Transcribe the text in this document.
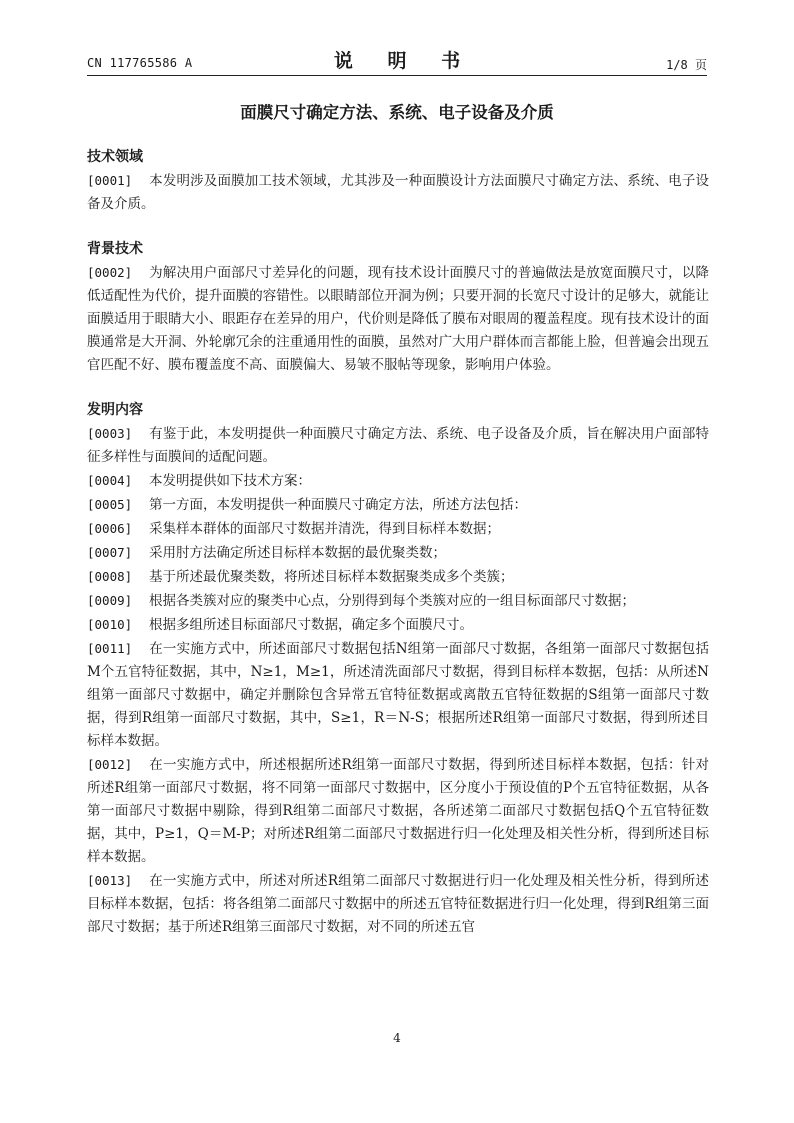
CN 117765586 A	说 明 书	1/8 页
面膜尺寸确定方法、系统、电子设备及介质

技术领域

[0001] 本发明涉及面膜加工技术领域，尤其涉及一种面膜设计方法面膜尺寸确定方法、系统、电子设备及介质。

背景技术

[0002] 为解决用户面部尺寸差异化的问题，现有技术设计面膜尺寸的普遍做法是放宽面膜尺寸，以降低适配性为代价，提升面膜的容错性。以眼睛部位开洞为例；只要开洞的长宽尺寸设计的足够大，就能让面膜适用于眼睛大小、眼距存在差异的用户，代价则是降低了膜布对眼周的覆盖程度。现有技术设计的面膜通常是大开洞、外轮廓冗余的注重通用性的面膜，虽然对广大用户群体而言都能上脸，但普遍会出现五官匹配不好、膜布覆盖度不高、面膜偏大、易皱不服帖等现象，影响用户体验。

发明内容

[0003] 有鉴于此，本发明提供一种面膜尺寸确定方法、系统、电子设备及介质，旨在解决用户面部特征多样性与面膜间的适配问题。

[0004] 本发明提供如下技术方案：

[0005] 第一方面，本发明提供一种面膜尺寸确定方法，所述方法包括：

[0006] 采集样本群体的面部尺寸数据并清洗，得到目标样本数据；

[0007] 采用肘方法确定所述目标样本数据的最优聚类数；

[0008] 基于所述最优聚类数，将所述目标样本数据聚类成多个类簇；

[0009] 根据各类簇对应的聚类中心点，分别得到每个类簇对应的一组目标面部尺寸数据；

[0010] 根据多组所述目标面部尺寸数据，确定多个面膜尺寸。

[0011] 在一实施方式中，所述面部尺寸数据包括N组第一面部尺寸数据，各组第一面部尺寸数据包括M个五官特征数据，其中，N≥1，M≥1，所述清洗面部尺寸数据，得到目标样本数据，包括：从所述N组第一面部尺寸数据中，确定并删除包含异常五官特征数据或离散五官特征数据的S组第一面部尺寸数据，得到R组第一面部尺寸数据，其中，S≥1，R＝N-S；根据所述R组第一面部尺寸数据，得到所述目标样本数据。

[0012] 在一实施方式中，所述根据所述R组第一面部尺寸数据，得到所述目标样本数据，包括：针对所述R组第一面部尺寸数据，将不同第一面部尺寸数据中，区分度小于预设值的P个五官特征数据，从各第一面部尺寸数据中剔除，得到R组第二面部尺寸数据，各所述第二面部尺寸数据包括Q个五官特征数据，其中，P≥1，Q＝M-P；对所述R组第二面部尺寸数据进行归一化处理及相关性分析，得到所述目标样本数据。

[0013] 在一实施方式中，所述对所述R组第二面部尺寸数据进行归一化处理及相关性分析，得到所述目标样本数据，包括：将各组第二面部尺寸数据中的所述五官特征数据进行归一化处理，得到R组第三面部尺寸数据；基于所述R组第三面部尺寸数据，对不同的所述五官

4
